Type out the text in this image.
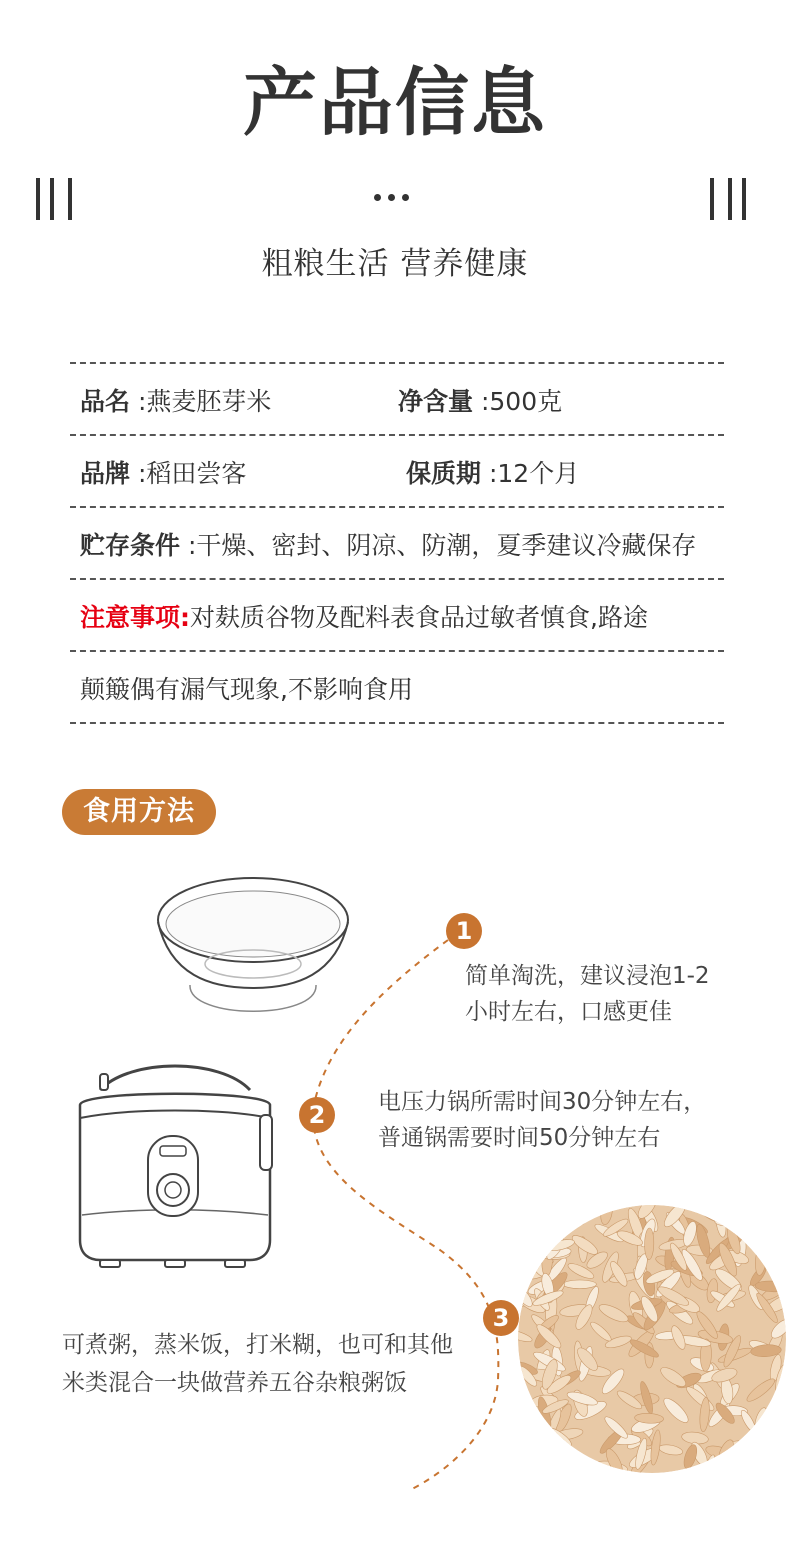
产品信息
粗粮生活 营养健康
品名 :燕麦胚芽米	净含量 :500克
品牌 :稻田尝客	保质期 :12个月
贮存条件 :干燥、密封、阴凉、防潮，夏季建议冷藏保存
注意事项:对麸质谷物及配料表食品过敏者慎食,路途
颠簸偶有漏气现象,不影响食用
食用方法
1
简单淘洗，建议浸泡1-2
小时左右，口感更佳
2	电压力锅所需时间30分钟左右，
普通锅需要时间50分钟左右
3
可煮粥，蒸米饭，打米糊，也可和其他
米类混合一块做营养五谷杂粮粥饭
